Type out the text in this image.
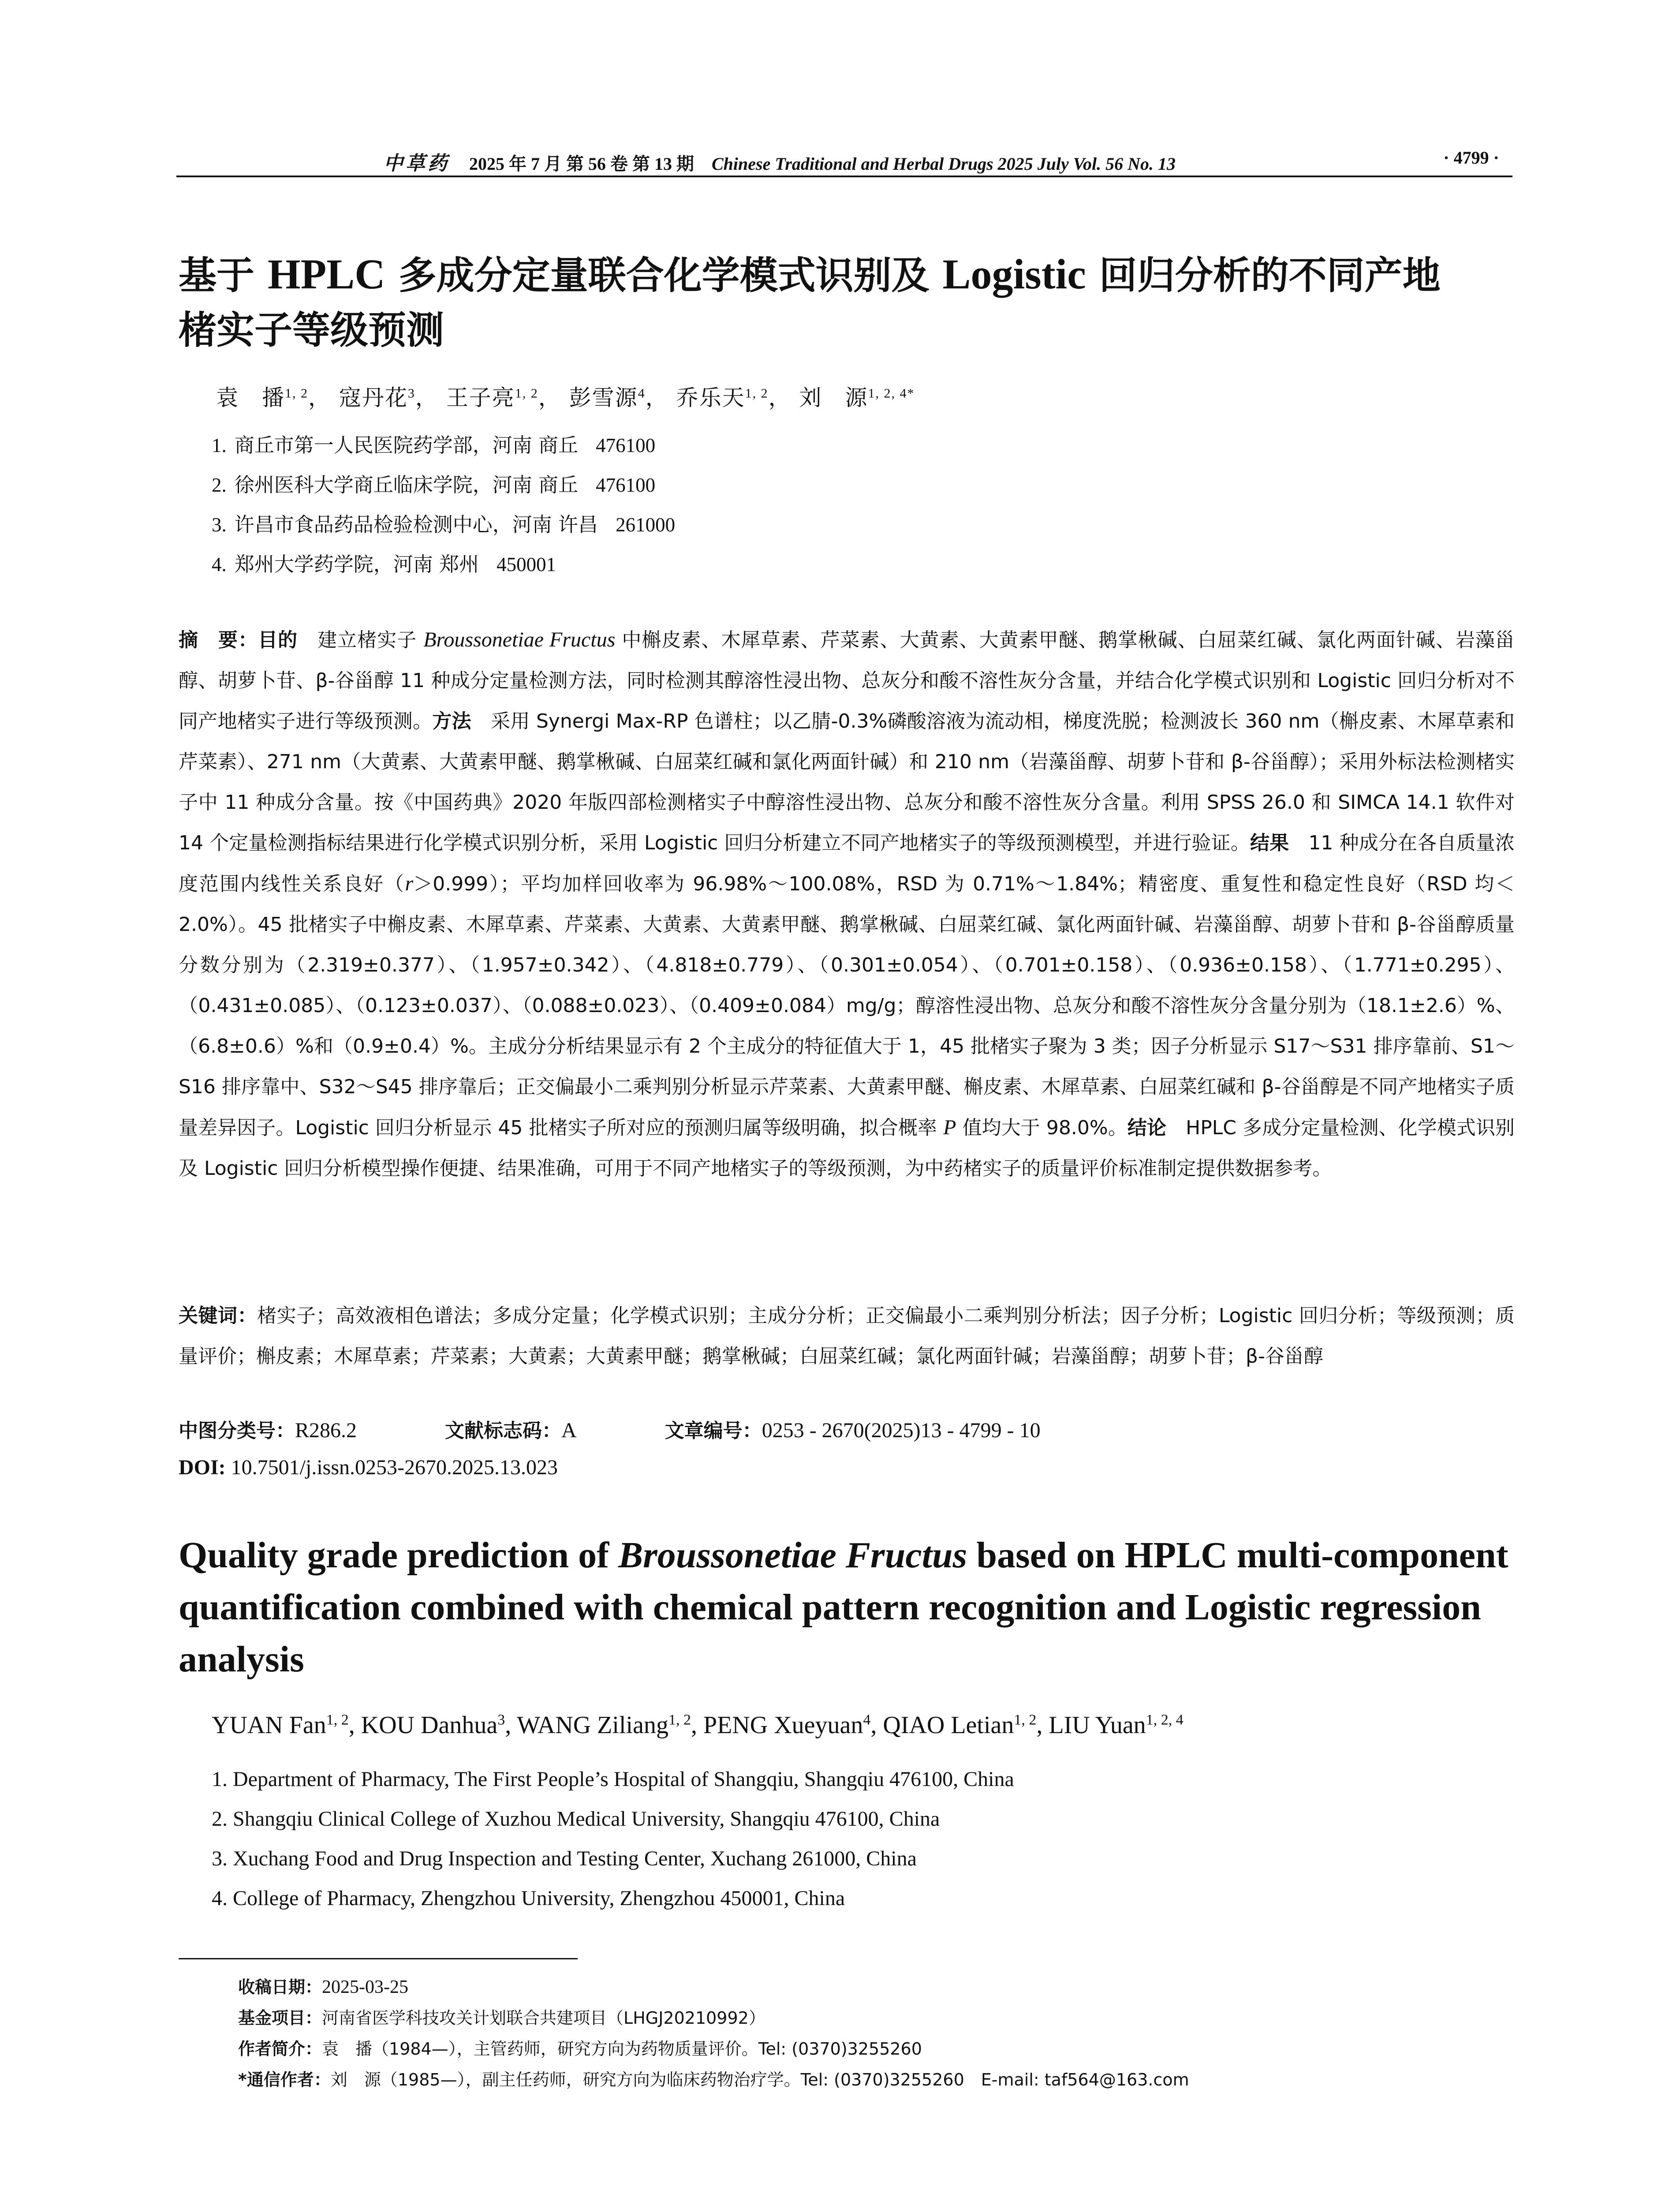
中草药 2025 年 7 月 第 56 卷 第 13 期 Chinese Traditional and Herbal Drugs 2025 July Vol. 56 No. 13	· 4799 ·
基于 HPLC 多成分定量联合化学模式识别及 Logistic 回归分析的不同产地
楮实子等级预测
袁　播$^{1, 2}$， 寇丹花$^3$， 王子亮$^{1, 2}$， 彭雪源$^4$， 乔乐天$^{1, 2}$， 刘　源$^{1, 2, 4*}$
1. 商丘市第一人民医院药学部，河南 商丘 476100
2. 徐州医科大学商丘临床学院，河南 商丘 476100
3. 许昌市食品药品检验检测中心，河南 许昌 261000
4. 郑州大学药学院，河南 郑州 450001
摘　要：目的　建立楮实子 Broussonetiae Fructus 中槲皮素、木犀草素、芹菜素、大黄素、大黄素甲醚、鹅掌楸碱、白屈菜红碱、氯化两面针碱、岩藻甾醇、胡萝卜苷、β-谷甾醇 11 种成分定量检测方法，同时检测其醇溶性浸出物、总灰分和酸不溶性灰分含量，并结合化学模式识别和 Logistic 回归分析对不同产地楮实子进行等级预测。方法　采用 Synergi Max-RP 色谱柱；以乙腈-0.3%磷酸溶液为流动相，梯度洗脱；检测波长 360 nm（槲皮素、木犀草素和芹菜素）、271 nm（大黄素、大黄素甲醚、鹅掌楸碱、白屈菜红碱和氯化两面针碱）和 210 nm（岩藻甾醇、胡萝卜苷和 β-谷甾醇）；采用外标法检测楮实子中 11 种成分含量。按《中国药典》2020 年版四部检测楮实子中醇溶性浸出物、总灰分和酸不溶性灰分含量。利用 SPSS 26.0 和 SIMCA 14.1 软件对 14 个定量检测指标结果进行化学模式识别分析，采用 Logistic 回归分析建立不同产地楮实子的等级预测模型，并进行验证。结果　11 种成分在各自质量浓度范围内线性关系良好（r＞0.999）；平均加样回收率为 96.98%～100.08%，RSD 为 0.71%～1.84%；精密度、重复性和稳定性良好（RSD 均＜2.0%）。45 批楮实子中槲皮素、木犀草素、芹菜素、大黄素、大黄素甲醚、鹅掌楸碱、白屈菜红碱、氯化两面针碱、岩藻甾醇、胡萝卜苷和 β-谷甾醇质量分数分别为（2.319±0.377）、（1.957±0.342）、（4.818±0.779）、（0.301±0.054）、（0.701±0.158）、（0.936±0.158）、（1.771±0.295）、（0.431±0.085）、（0.123±0.037）、（0.088±0.023）、（0.409±0.084）mg/g；醇溶性浸出物、总灰分和酸不溶性灰分含量分别为（18.1±2.6）%、（6.8±0.6）%和（0.9±0.4）%。主成分分析结果显示有 2 个主成分的特征值大于 1，45 批楮实子聚为 3 类；因子分析显示 S17～S31 排序靠前、S1～S16 排序靠中、S32～S45 排序靠后；正交偏最小二乘判别分析显示芹菜素、大黄素甲醚、槲皮素、木犀草素、白屈菜红碱和 β-谷甾醇是不同产地楮实子质量差异因子。Logistic 回归分析显示 45 批楮实子所对应的预测归属等级明确，拟合概率 P 值均大于 98.0%。结论　HPLC 多成分定量检测、化学模式识别及 Logistic 回归分析模型操作便捷、结果准确，可用于不同产地楮实子的等级预测，为中药楮实子的质量评价标准制定提供数据参考。
关键词：楮实子；高效液相色谱法；多成分定量；化学模式识别；主成分分析；正交偏最小二乘判别分析法；因子分析；Logistic 回归分析；等级预测；质量评价；槲皮素；木犀草素；芹菜素；大黄素；大黄素甲醚；鹅掌楸碱；白屈菜红碱；氯化两面针碱；岩藻甾醇；胡萝卜苷；β-谷甾醇
中图分类号：R286.2	文献标志码：A	文章编号：0253 - 2670(2025)13 - 4799 - 10
DOI: 10.7501/j.issn.0253-2670.2025.13.023
Quality grade prediction of Broussonetiae Fructus based on HPLC multi-component quantification combined with chemical pattern recognition and Logistic regression analysis
YUAN Fan$^{1, 2}$, KOU Danhua$^3$, WANG Ziliang$^{1, 2}$, PENG Xueyuan$^4$, QIAO Letian$^{1, 2}$, LIU Yuan$^{1, 2, 4}$
1. Department of Pharmacy, The First People’s Hospital of Shangqiu, Shangqiu 476100, China
2. Shangqiu Clinical College of Xuzhou Medical University, Shangqiu 476100, China
3. Xuchang Food and Drug Inspection and Testing Center, Xuchang 261000, China
4. College of Pharmacy, Zhengzhou University, Zhengzhou 450001, China
收稿日期：2025-03-25
基金项目：河南省医学科技攻关计划联合共建项目（LHGJ20210992）
作者简介：袁　播（1984—），主管药师，研究方向为药物质量评价。Tel: (0370)3255260
*通信作者：刘　源（1985—），副主任药师，研究方向为临床药物治疗学。Tel: (0370)3255260　E-mail: taf564@163.com
